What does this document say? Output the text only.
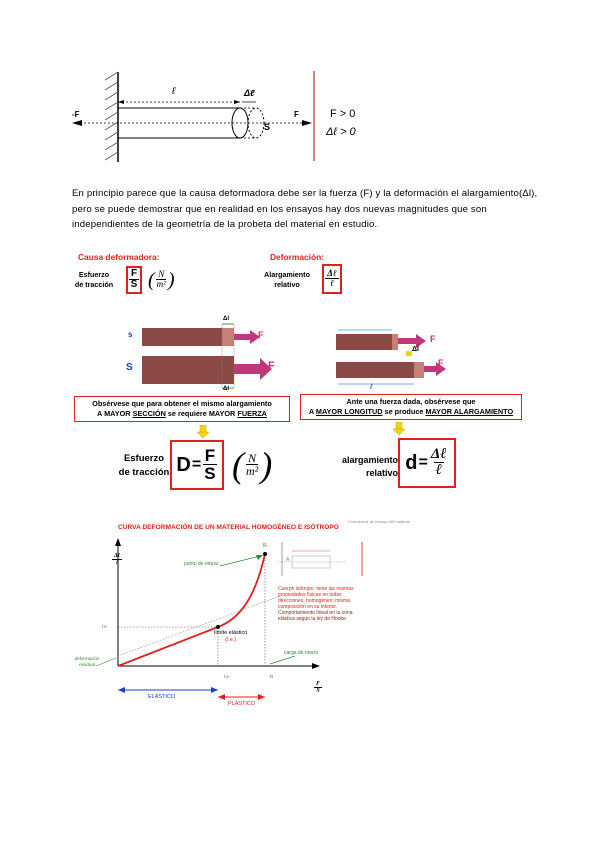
ℓ	Δℓ
S
-F	F	F > 0
Δℓ > 0
En principio parece que la causa deformadora debe ser la fuerza (F) y la deformación el alargamiento(Δl), pero se puede demostrar que en realidad en los ensayos hay dos nuevas magnitudes que son independientes de la geometría de la probeta del material en estudio.
Causa deformadora:
Esfuerzo
de tracción	$\frac{F}{S}$ ( $\frac{N}{\text{m²}}$ )
Deformación:
Alargamiento
relativo	$\frac{\text{Δℓ}}{\text{ℓ}}$
s
S
Δl
Δl
F
F
Obsérvese que para obtener el mismo alargamiento
A MAYOR SECCIÓN se requiere MAYOR FUERZA
ℓ
Δl
F
F
Ante una fuerza dada, obsérvese que
A MAYOR LONGITUD se produce MAYOR ALARGAMIENTO
Esfuerzo
de tracción $D = \frac{F}{S}$ ( $\frac{N}{\text{m²}}$ )	alargamiento
relativo $d = \frac{\text{Δℓ}}{\text{ℓ}}$
CURVA DEFORMACIÓN DE UN MATERIAL HOMOGÉNEO E ISÓTROPO
Frecuencia de ensayo del material
$\frac{\text{Δℓ}}{\text{ℓ}}$
$\frac{F}{S}$
punto de rotura
R
límite elástico
(l.e.)
deformación
residual
l.e
l.e.	R
carga de rotura
ELÁSTICO
PLÁSTICO
A
Cuerpo isótropo: tiene las mismas propiedades físicas en todas direcciones; homogéneo: misma composición en su interior.
Comportamiento lineal en la zona elástica según la ley de Hooke.
